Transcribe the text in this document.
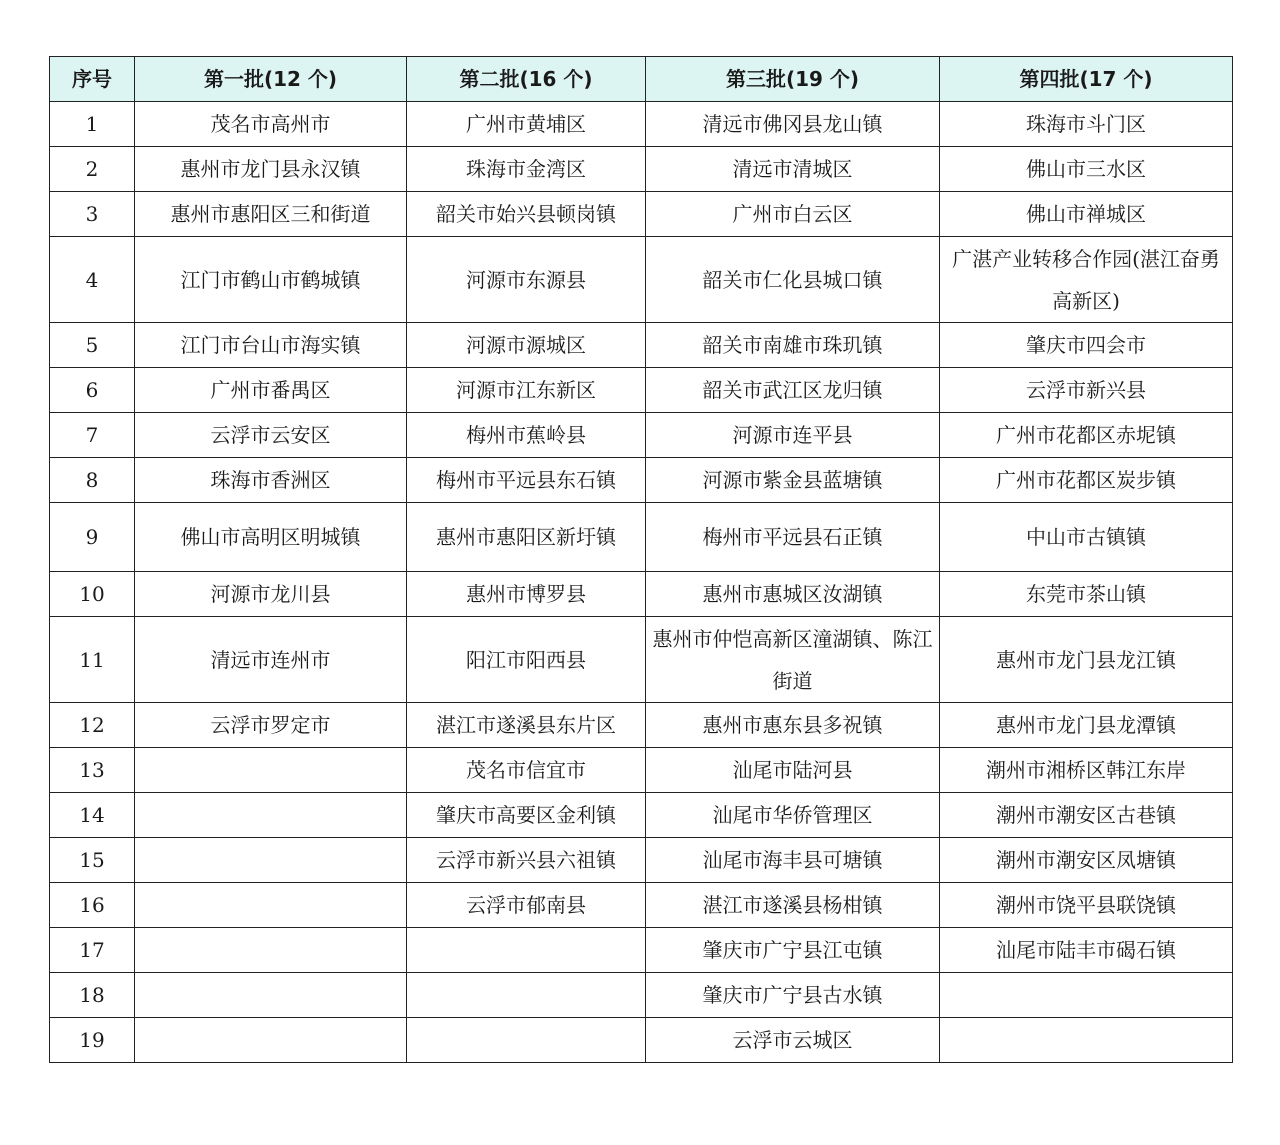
序号	第一批(12 个)	第二批(16 个)	第三批(19 个)	第四批(17 个)
1	茂名市高州市	广州市黄埔区	清远市佛冈县龙山镇	珠海市斗门区
2	惠州市龙门县永汉镇	珠海市金湾区	清远市清城区	佛山市三水区
3	惠州市惠阳区三和街道	韶关市始兴县顿岗镇	广州市白云区	佛山市禅城区
4	江门市鹤山市鹤城镇	河源市东源县	韶关市仁化县城口镇	广湛产业转移合作园(湛江奋勇高新区)
5	江门市台山市海实镇	河源市源城区	韶关市南雄市珠玑镇	肇庆市四会市
6	广州市番禺区	河源市江东新区	韶关市武江区龙归镇	云浮市新兴县
7	云浮市云安区	梅州市蕉岭县	河源市连平县	广州市花都区赤坭镇
8	珠海市香洲区	梅州市平远县东石镇	河源市紫金县蓝塘镇	广州市花都区炭步镇
9	佛山市高明区明城镇	惠州市惠阳区新圩镇	梅州市平远县石正镇	中山市古镇镇
10	河源市龙川县	惠州市博罗县	惠州市惠城区汝湖镇	东莞市茶山镇
11	清远市连州市	阳江市阳西县	惠州市仲恺高新区潼湖镇、陈江街道	惠州市龙门县龙江镇
12	云浮市罗定市	湛江市遂溪县东片区	惠州市惠东县多祝镇	惠州市龙门县龙潭镇
13		茂名市信宜市	汕尾市陆河县	潮州市湘桥区韩江东岸
14		肇庆市高要区金利镇	汕尾市华侨管理区	潮州市潮安区古巷镇
15		云浮市新兴县六祖镇	汕尾市海丰县可塘镇	潮州市潮安区凤塘镇
16		云浮市郁南县	湛江市遂溪县杨柑镇	潮州市饶平县联饶镇
17			肇庆市广宁县江屯镇	汕尾市陆丰市碣石镇
18			肇庆市广宁县古水镇	
19			云浮市云城区	
